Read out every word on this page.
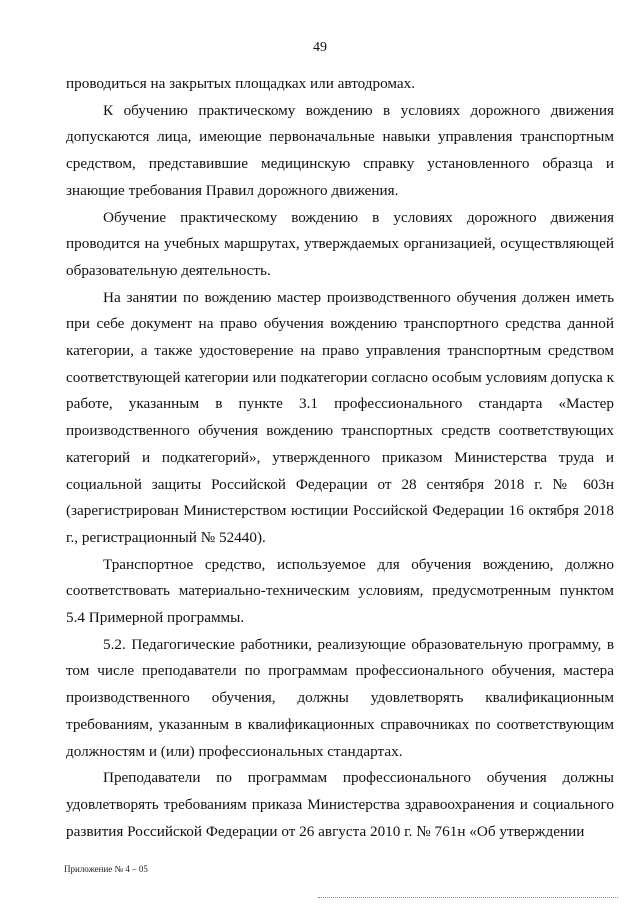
49

проводиться на закрытых площадках или автодромах.

К обучению практическому вождению в условиях дорожного движения допускаются лица, имеющие первоначальные навыки управления транспортным средством, представившие медицинскую справку установленного образца и знающие требования Правил дорожного движения.

Обучение практическому вождению в условиях дорожного движения проводится на учебных маршрутах, утверждаемых организацией, осуществляющей образовательную деятельность.

На занятии по вождению мастер производственного обучения должен иметь при себе документ на право обучения вождению транспортного средства данной категории, а также удостоверение на право управления транспортным средством соответствующей категории или подкатегории согласно особым условиям допуска к работе, указанным в пункте 3.1 профессионального стандарта «Мастер производственного обучения вождению транспортных средств соответствующих категорий и подкатегорий», утвержденного приказом Министерства труда и социальной защиты Российской Федерации от 28 сентября 2018 г. № 603н (зарегистрирован Министерством юстиции Российской Федерации 16 октября 2018 г., регистрационный № 52440).

Транспортное средство, используемое для обучения вождению, должно соответствовать материально-техническим условиям, предусмотренным пунктом 5.4 Примерной программы.

5.2. Педагогические работники, реализующие образовательную программу, в том числе преподаватели по программам профессионального обучения, мастера производственного обучения, должны удовлетворять квалификационным требованиям, указанным в квалификационных справочниках по соответствующим должностям и (или) профессиональных стандартах.

Преподаватели по программам профессионального обучения должны удовлетворять требованиям приказа Министерства здравоохранения и социального развития Российской Федерации от 26 августа 2010 г. № 761н «Об утверждении

Приложение № 4 – 05
